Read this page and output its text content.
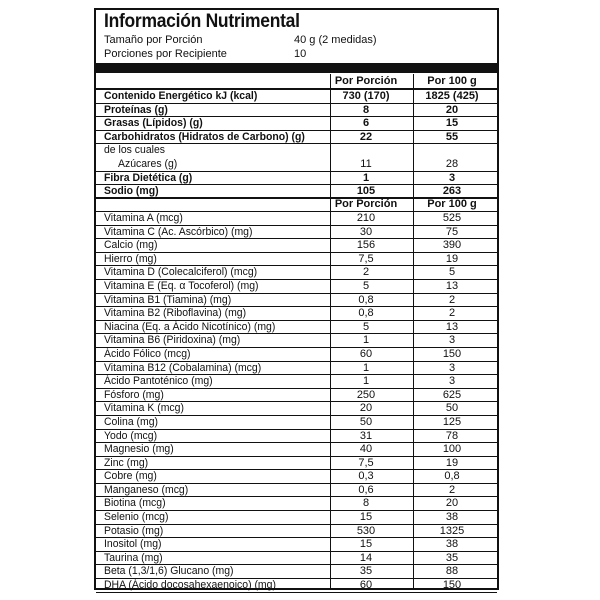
Información Nutrimental
Tamaño por Porción	40 g (2 medidas)
Porciones por Recipiente	10
Por Porción	Por 100 g
Contenido Energético kJ (kcal)	730 (170)	1825 (425)
Proteínas (g)	8	20
Grasas (Lípidos) (g)	6	15
Carbohidratos (Hidratos de Carbono) (g)	22	55
de los cuales
Azúcares (g)	11	28
Fibra Dietética (g)	1	3
Sodio (mg)	105	263
Por Porción	Por 100 g
Vitamina A (mcg)	210	525
Vitamina C (Ac. Ascórbico) (mg)	30	75
Calcio (mg)	156	390
Hierro (mg)	7,5	19
Vitamina D (Colecalciferol) (mcg)	2	5
Vitamina E (Eq. α Tocoferol) (mg)	5	13
Vitamina B1 (Tiamina) (mg)	0,8	2
Vitamina B2 (Riboflavina) (mg)	0,8	2
Niacina (Eq. a Ácido Nicotínico) (mg)	5	13
Vitamina B6 (Piridoxina) (mg)	1	3
Ácido Fólico (mcg)	60	150
Vitamina B12 (Cobalamina) (mcg)	1	3
Ácido Pantoténico (mg)	1	3
Fósforo (mg)	250	625
Vitamina K (mcg)	20	50
Colina (mg)	50	125
Yodo (mcg)	31	78
Magnesio (mg)	40	100
Zinc (mg)	7,5	19
Cobre (mg)	0,3	0,8
Manganeso (mcg)	0,6	2
Biotina (mcg)	8	20
Selenio (mcg)	15	38
Potasio (mg)	530	1325
Inositol (mg)	15	38
Taurina (mg)	14	35
Beta (1,3/1,6) Glucano (mg)	35	88
DHA (Ácido docosahexaenoico) (mg)	60	150
